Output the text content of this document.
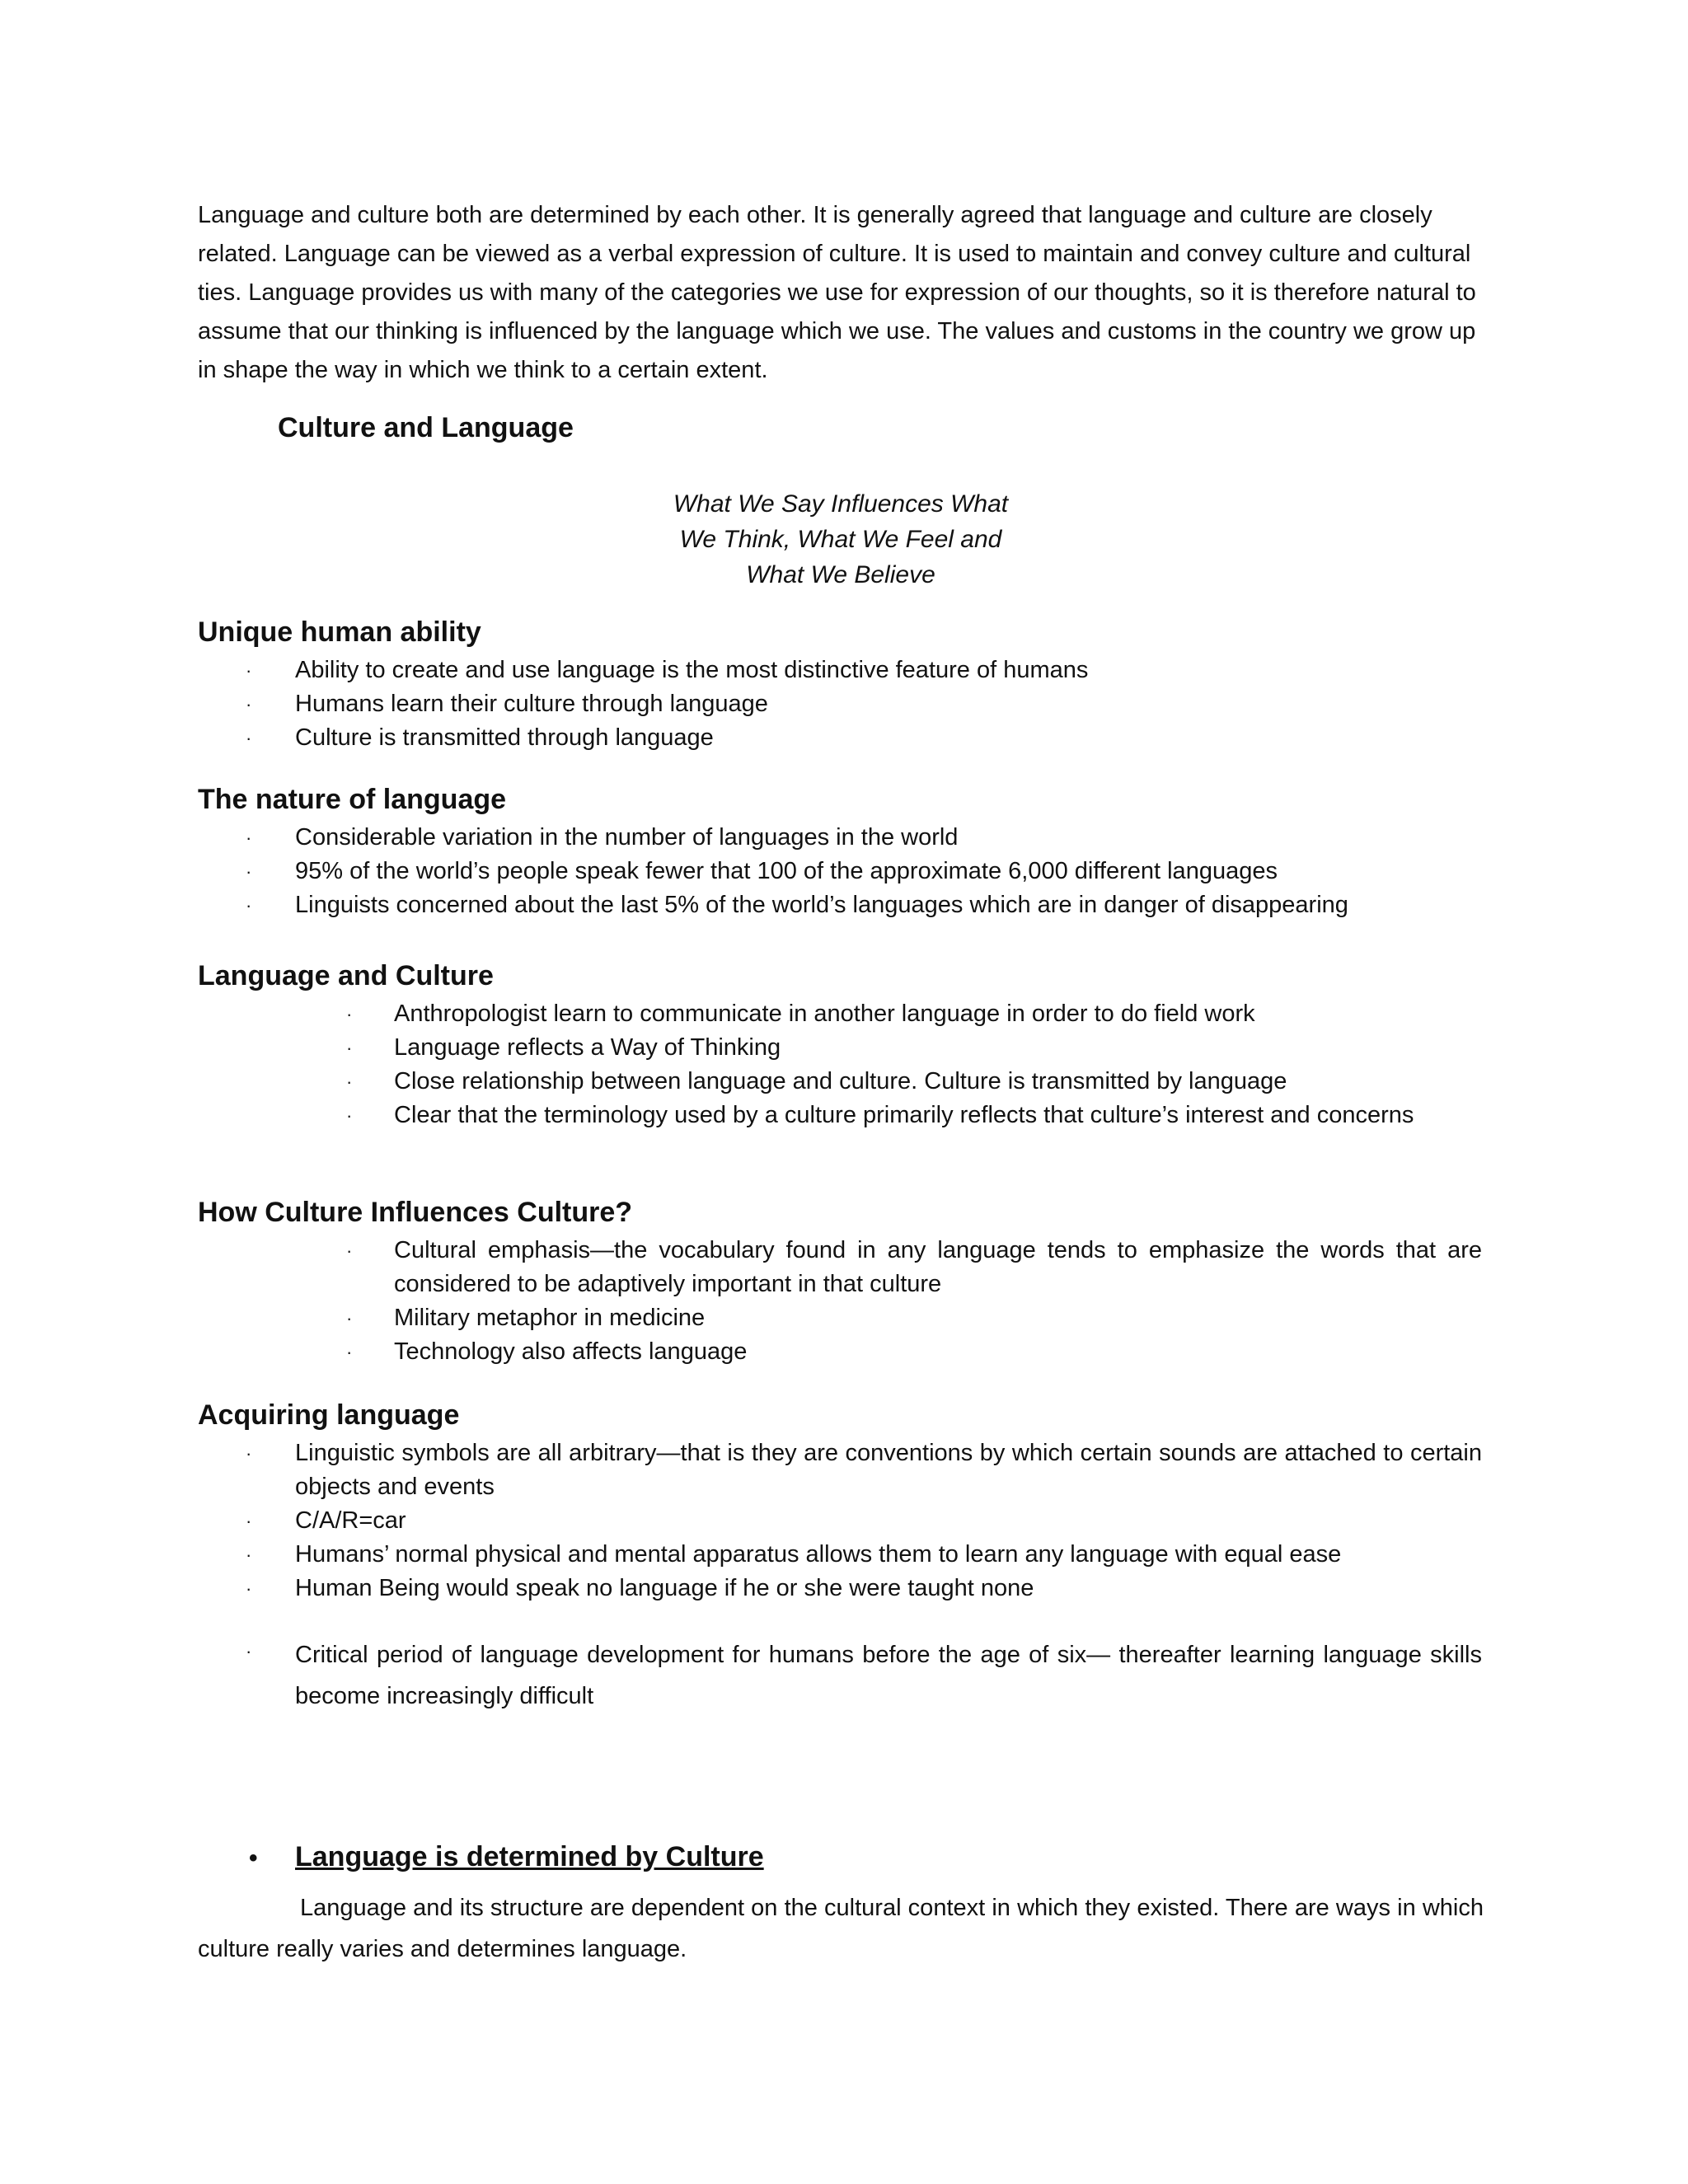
Language and culture both are determined by each other. It is generally agreed that language and culture are closely related. Language can be viewed as a verbal expression of culture. It is used to maintain and convey culture and cultural ties. Language provides us with many of the categories we use for expression of our thoughts, so it is therefore natural to assume that our thinking is influenced by the language which we use. The values and customs in the country we grow up in shape the way in which we think to a certain extent.

Culture and Language
What We Say Influences What
We Think, What We Feel and
What We Believe
Unique human ability
· Ability to create and use language is the most distinctive feature of humans
· Humans learn their culture through language
· Culture is transmitted through language
The nature of language
· Considerable variation in the number of languages in the world
· 95% of the world’s people speak fewer that 100 of the approximate 6,000 different languages
· Linguists concerned about the last 5% of the world’s languages which are in danger of disappearing
Language and Culture
· Anthropologist learn to communicate in another language in order to do field work
· Language reflects a Way of Thinking
· Close relationship between language and culture. Culture is transmitted by language
· Clear that the terminology used by a culture primarily reflects that culture’s interest and concerns
How Culture Influences Culture?
· Cultural emphasis—the vocabulary found in any language tends to emphasize the words that are considered to be adaptively important in that culture
· Military metaphor in medicine
· Technology also affects language
Acquiring language
· Linguistic symbols are all arbitrary—that is they are conventions by which certain sounds are attached to certain objects and events
· C/A/R=car
· Humans’ normal physical and mental apparatus allows them to learn any language with equal ease
· Human Being would speak no language if he or she were taught none
· Critical period of language development for humans before the age of six— thereafter learning language skills become increasingly difficult
• Language is determined by Culture

Language and its structure are dependent on the cultural context in which they existed. There are ways in which culture really varies and determines language.
